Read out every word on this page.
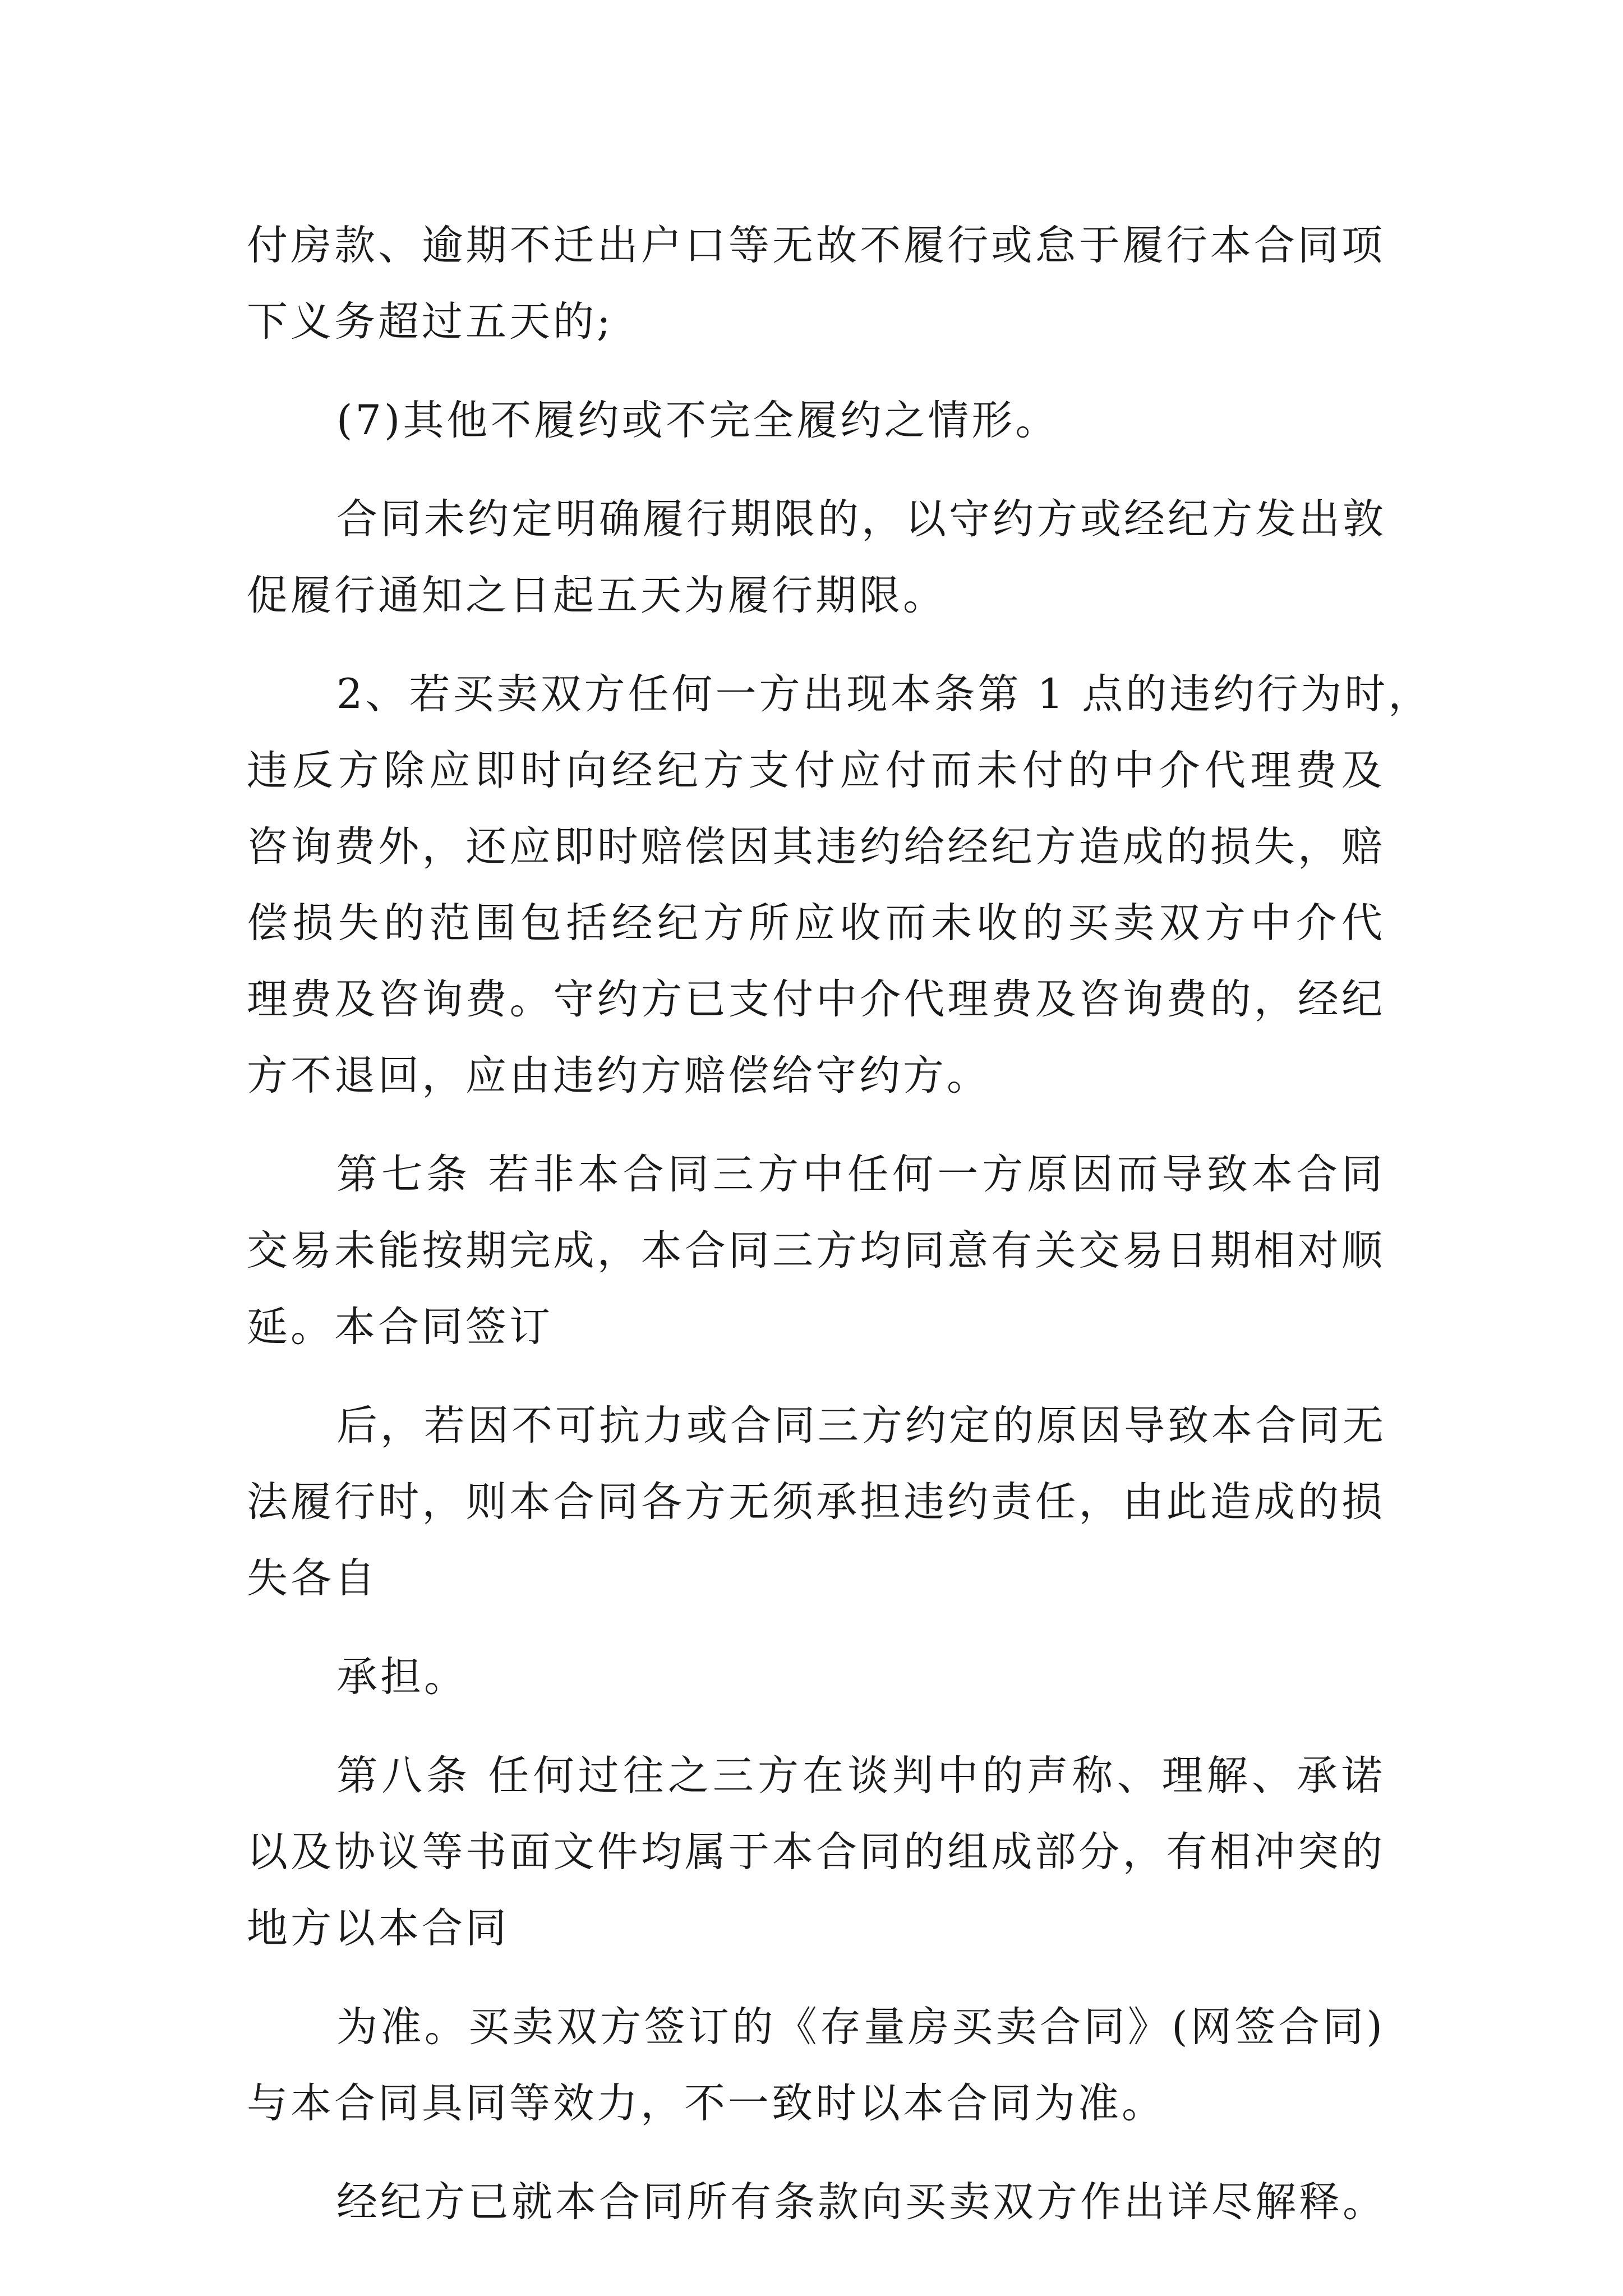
付房款、逾期不迁出户口等无故不履行或怠于履行本合同项
下义务超过五天的;
(7)其他不履约或不完全履约之情形。
合同未约定明确履行期限的，以守约方或经纪方发出敦
促履行通知之日起五天为履行期限。
2、若买卖双方任何一方出现本条第 1 点的违约行为时，
违反方除应即时向经纪方支付应付而未付的中介代理费及
咨询费外，还应即时赔偿因其违约给经纪方造成的损失，赔
偿损失的范围包括经纪方所应收而未收的买卖双方中介代
理费及咨询费。守约方已支付中介代理费及咨询费的，经纪
方不退回，应由违约方赔偿给守约方。
第七条 若非本合同三方中任何一方原因而导致本合同
交易未能按期完成，本合同三方均同意有关交易日期相对顺
延。本合同签订
后，若因不可抗力或合同三方约定的原因导致本合同无
法履行时，则本合同各方无须承担违约责任，由此造成的损
失各自
承担。
第八条 任何过往之三方在谈判中的声称、理解、承诺
以及协议等书面文件均属于本合同的组成部分，有相冲突的
地方以本合同
为准。买卖双方签订的《存量房买卖合同》(网签合同)
与本合同具同等效力，不一致时以本合同为准。
经纪方已就本合同所有条款向买卖双方作出详尽解释。
